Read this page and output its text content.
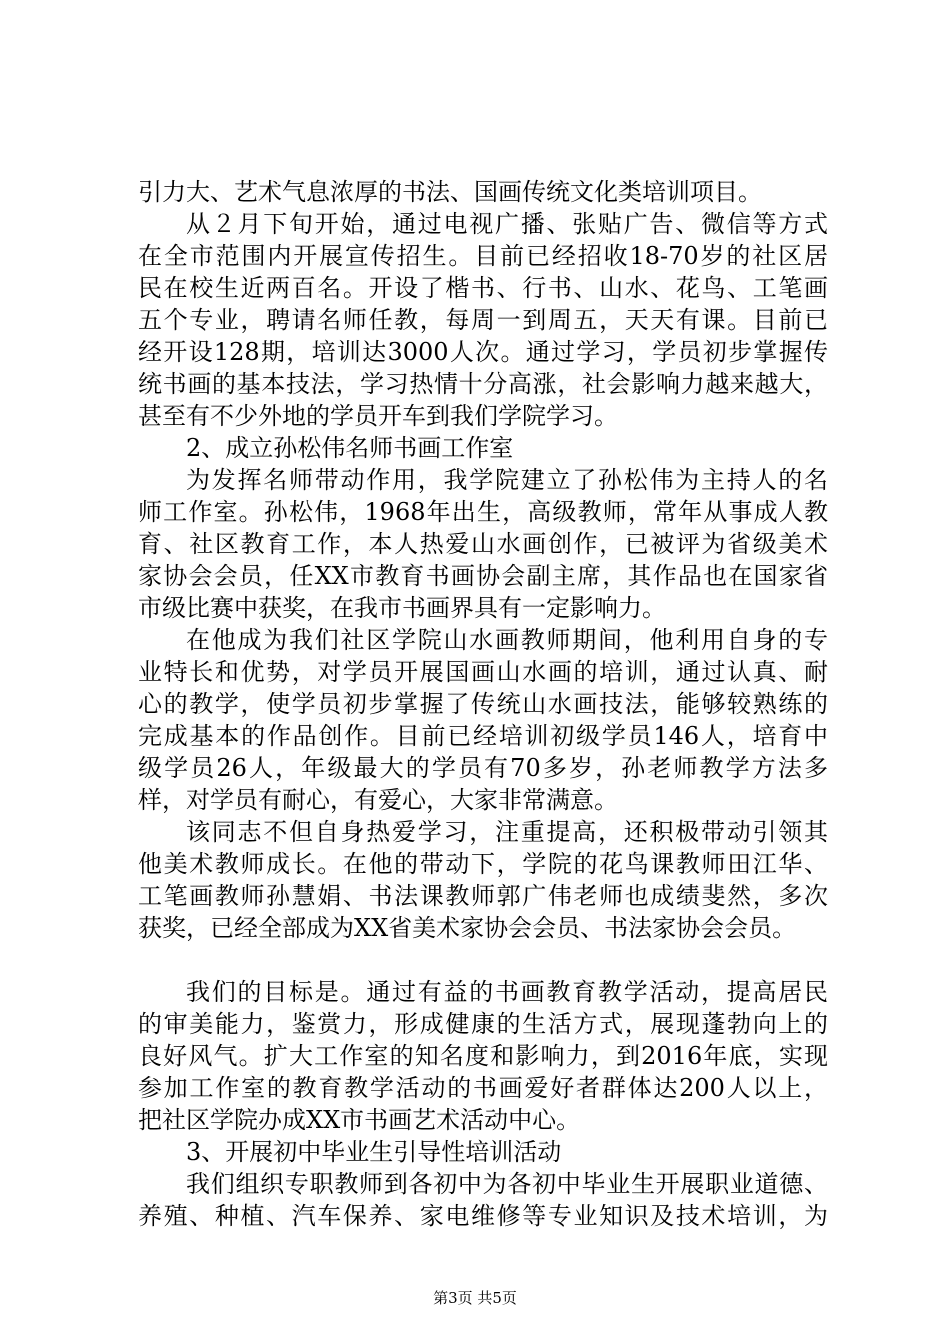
引力大、艺术气息浓厚的书法、国画传统文化类培训项目。
从２月下旬开始，通过电视广播、张贴广告、微信等方式
在全市范围内开展宣传招生。目前已经招收18-70岁的社区居
民在校生近两百名。开设了楷书、行书、山水、花鸟、工笔画
五个专业，聘请名师任教，每周一到周五，天天有课。目前已
经开设128期，培训达3000人次。通过学习，学员初步掌握传
统书画的基本技法，学习热情十分高涨，社会影响力越来越大，
甚至有不少外地的学员开车到我们学院学习。
2、成立孙松伟名师书画工作室
为发挥名师带动作用，我学院建立了孙松伟为主持人的名
师工作室。孙松伟，1968年出生，高级教师，常年从事成人教
育、社区教育工作，本人热爱山水画创作，已被评为省级美术
家协会会员，任XX市教育书画协会副主席，其作品也在国家省
市级比赛中获奖，在我市书画界具有一定影响力。
在他成为我们社区学院山水画教师期间，他利用自身的专
业特长和优势，对学员开展国画山水画的培训，通过认真、耐
心的教学，使学员初步掌握了传统山水画技法，能够较熟练的
完成基本的作品创作。目前已经培训初级学员146人，培育中
级学员26人，年级最大的学员有70多岁，孙老师教学方法多
样，对学员有耐心，有爱心，大家非常满意。
该同志不但自身热爱学习，注重提高，还积极带动引领其
他美术教师成长。在他的带动下，学院的花鸟课教师田江华、
工笔画教师孙慧娟、书法课教师郭广伟老师也成绩斐然，多次
获奖，已经全部成为XX省美术家协会会员、书法家协会会员。
我们的目标是。通过有益的书画教育教学活动，提高居民
的审美能力，鉴赏力，形成健康的生活方式，展现蓬勃向上的
良好风气。扩大工作室的知名度和影响力，到2016年底，实现
参加工作室的教育教学活动的书画爱好者群体达200人以上，
把社区学院办成XX市书画艺术活动中心。
3、开展初中毕业生引导性培训活动
我们组织专职教师到各初中为各初中毕业生开展职业道德、
养殖、种植、汽车保养、家电维修等专业知识及技术培训，为
第3页 共5页
